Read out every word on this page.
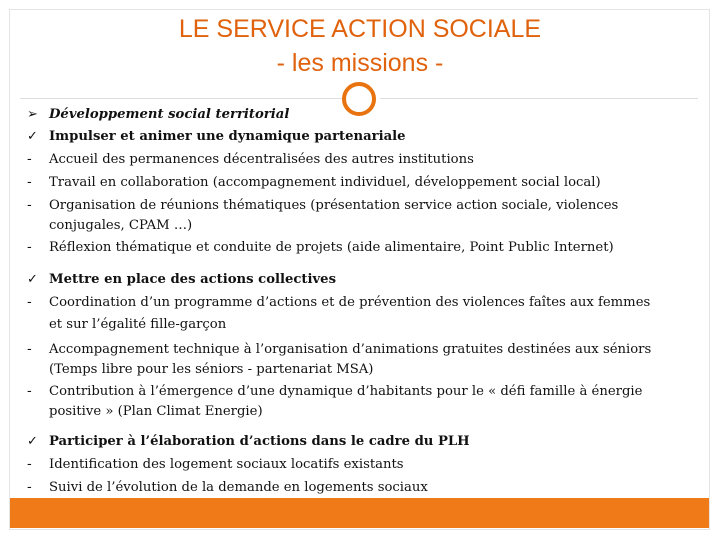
LE SERVICE ACTION SOCIALE
- les missions -
➢ Développement social territorial
✓ Impulser et animer une dynamique partenariale
-	Accueil des permanences décentralisées des autres institutions
-	Travail en collaboration (accompagnement individuel, développement social local)
-	Organisation de réunions thématiques (présentation service action sociale, violences
conjugales, CPAM …)
-	Réflexion thématique et conduite de projets (aide alimentaire, Point Public Internet)
✓ Mettre en place des actions collectives
-	Coordination d’un programme d’actions et de prévention des violences faîtes aux femmes
et sur l’égalité fille-garçon
-	Accompagnement technique à l’organisation d’animations gratuites destinées aux séniors
(Temps libre pour les séniors - partenariat MSA)
-	Contribution à l’émergence d’une dynamique d’habitants pour le « défi famille à énergie
positive » (Plan Climat Energie)
✓ Participer à l’élaboration d’actions dans le cadre du PLH
-	Identification des logement sociaux locatifs existants
-	Suivi de l’évolution de la demande en logements sociaux
